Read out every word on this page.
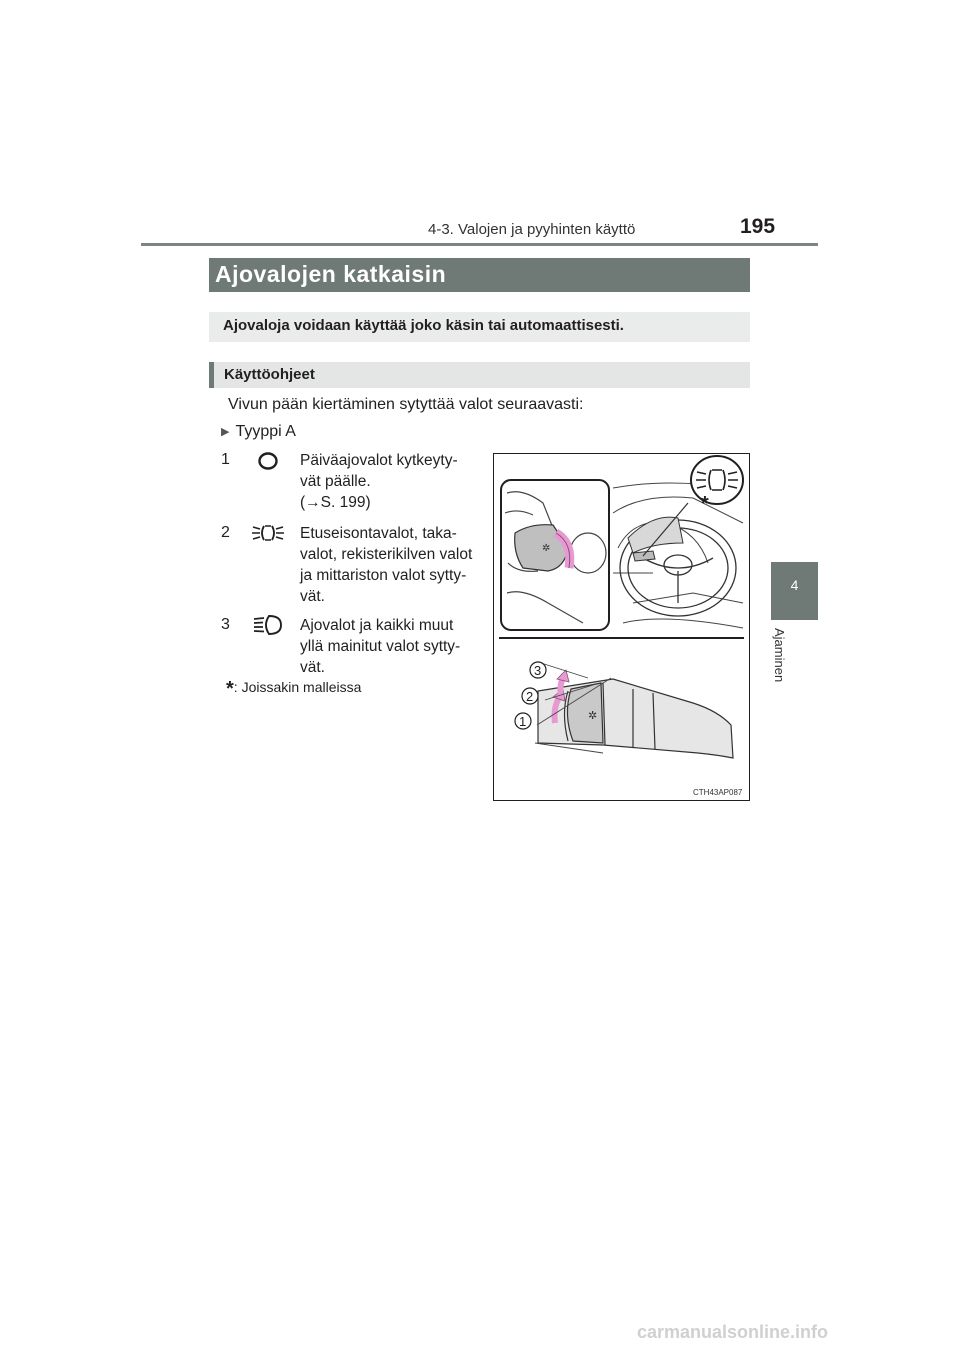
4-3. Valojen ja pyyhinten käyttö	195
4
Ajaminen
Ajovalojen katkaisin
Ajovaloja voidaan käyttää joko käsin tai automaattisesti.
Käyttöohjeet
Vivun pään kiertäminen sytyttää valot seuraavasti:
▶ Tyyppi A
1	Päiväajovalot kytkeyty-
vät päälle.
(→S. 199)
2	Etuseisontavalot, taka-
valot, rekisterikilven valot
ja mittariston valot sytty-
vät.
3	Ajovalot ja kaikki muut
yllä mainitut valot sytty-
vät.
*: Joissakin malleissa
*
✲
✲
3
2
1
CTH43AP087
carmanualsonline.info
